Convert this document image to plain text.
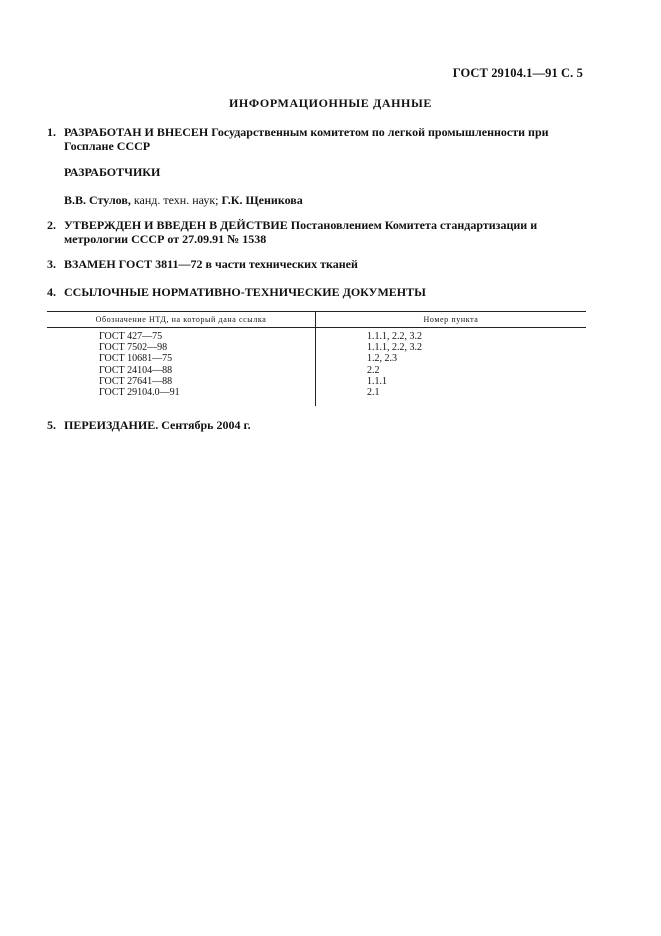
ГОСТ 29104.1—91 С. 5
ИНФОРМАЦИОННЫЕ ДАННЫЕ
1. РАЗРАБОТАН И ВНЕСЕН Государственным комитетом по легкой промышленности при Госплане СССР
РАЗРАБОТЧИКИ
В.В. Стулов, канд. техн. наук; Г.К. Щеникова
2. УТВЕРЖДЕН И ВВЕДЕН В ДЕЙСТВИЕ Постановлением Комитета стандартизации и метрологии СССР от 27.09.91 № 1538
3. ВЗАМЕН ГОСТ 3811—72 в части технических тканей
4. ССЫЛОЧНЫЕ НОРМАТИВНО-ТЕХНИЧЕСКИЕ ДОКУМЕНТЫ
Обозначение НТД, на который дана ссылка	Номер пункта
ГОСТ 427—75	1.1.1, 2.2, 3.2
ГОСТ 7502—98	1.1.1, 2.2, 3.2
ГОСТ 10681—75	1.2, 2.3
ГОСТ 24104—88	2.2
ГОСТ 27641—88	1.1.1
ГОСТ 29104.0—91	2.1
5. ПЕРЕИЗДАНИЕ. Сентябрь 2004 г.
